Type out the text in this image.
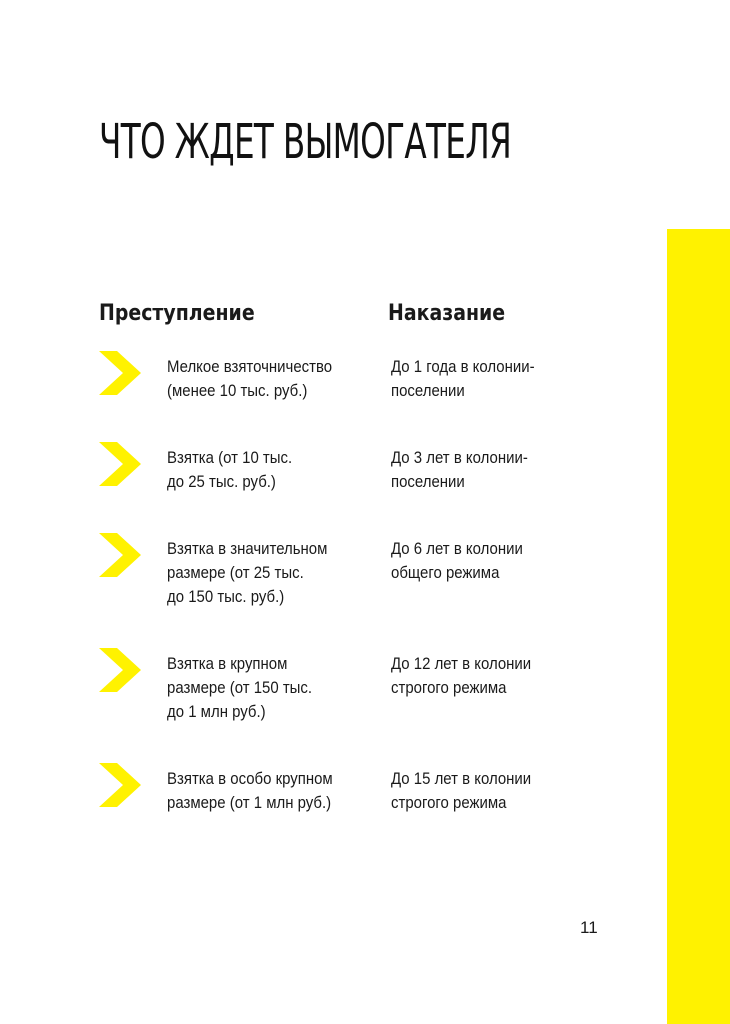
ЧТО ЖДЕТ ВЫМОГАТЕЛЯ
Преступление	Наказание
Мелкое взяточничество
(менее 10 тыс. руб.)
До 1 года в колонии-
поселении
Взятка (от 10 тыс.
до 25 тыс. руб.)
До 3 лет в колонии-
поселении
Взятка в значительном
размере (от 25 тыс.
до 150 тыс. руб.)
До 6 лет в колонии
общего режима
Взятка в крупном
размере (от 150 тыс.
до 1 млн руб.)
До 12 лет в колонии
строгого режима
Взятка в особо крупном
размере (от 1 млн руб.)
До 15 лет в колонии
строгого режима
11
